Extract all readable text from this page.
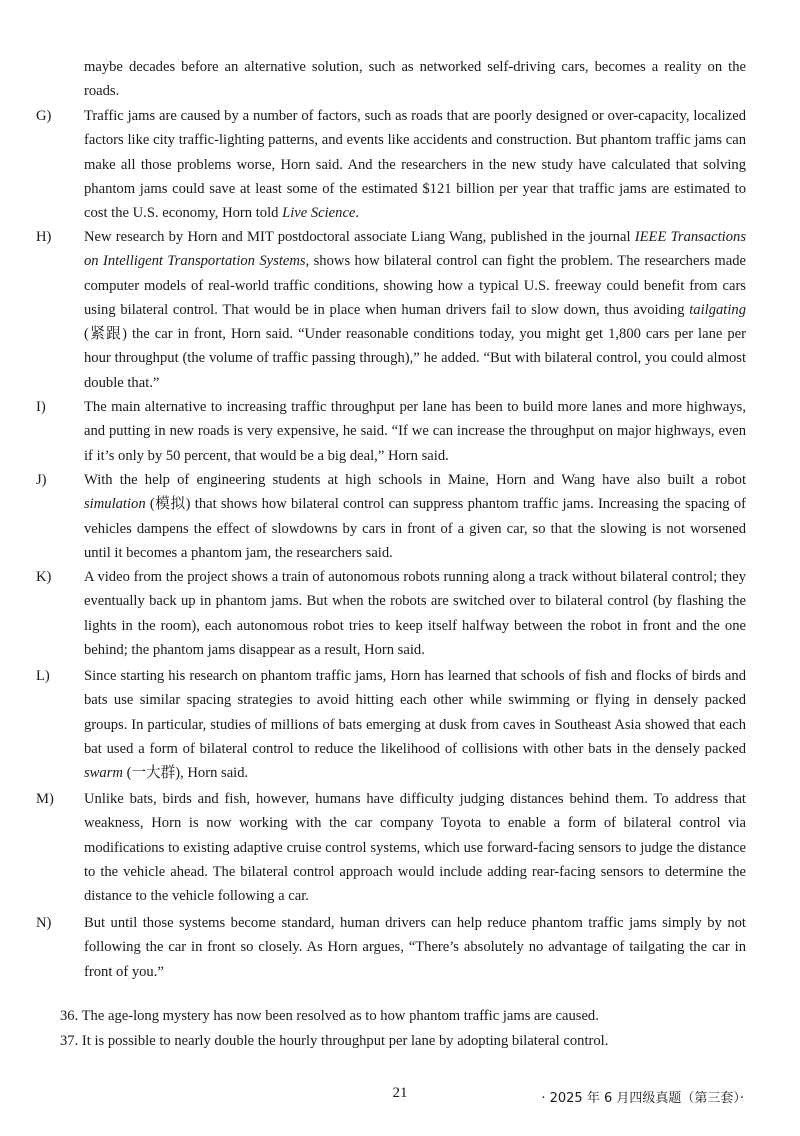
maybe decades before an alternative solution, such as networked self-driving cars, becomes a reality on the roads.
G) Traffic jams are caused by a number of factors, such as roads that are poorly designed or over-capacity, localized factors like city traffic-lighting patterns, and events like accidents and construction. But phantom traffic jams can make all those problems worse, Horn said. And the researchers in the new study have calculated that solving phantom jams could save at least some of the estimated $121 billion per year that traffic jams are estimated to cost the U.S. economy, Horn told Live Science.
H) New research by Horn and MIT postdoctoral associate Liang Wang, published in the journal IEEE Transactions on Intelligent Transportation Systems, shows how bilateral control can fight the problem. The researchers made computer models of real-world traffic conditions, showing how a typical U.S. freeway could benefit from cars using bilateral control. That would be in place when human drivers fail to slow down, thus avoiding tailgating (紧跟) the car in front, Horn said. “Under reasonable conditions today, you might get 1,800 cars per lane per hour throughput (the volume of traffic passing through),” he added. “But with bilateral control, you could almost double that.”
I)	The main alternative to increasing traffic throughput per lane has been to build more lanes and more highways, and putting in new roads is very expensive, he said. “If we can increase the throughput on major highways, even if it’s only by 50 percent, that would be a big deal,” Horn said.
J)	With the help of engineering students at high schools in Maine, Horn and Wang have also built a robot simulation (模拟) that shows how bilateral control can suppress phantom traffic jams. Increasing the spacing of vehicles dampens the effect of slowdowns by cars in front of a given car, so that the slowing is not worsened until it becomes a phantom jam, the researchers said.
K) A video from the project shows a train of autonomous robots running along a track without bilateral control; they eventually back up in phantom jams. But when the robots are switched over to bilateral control (by flashing the lights in the room), each autonomous robot tries to keep itself halfway between the robot in front and the one behind; the phantom jams disappear as a result, Horn said.
L) Since starting his research on phantom traffic jams, Horn has learned that schools of fish and flocks of birds and bats use similar spacing strategies to avoid hitting each other while swimming or flying in densely packed groups. In particular, studies of millions of bats emerging at dusk from caves in Southeast Asia showed that each bat used a form of bilateral control to reduce the likelihood of collisions with other bats in the densely packed swarm (一大群), Horn said.
M) Unlike bats, birds and fish, however, humans have difficulty judging distances behind them. To address that weakness, Horn is now working with the car company Toyota to enable a form of bilateral control via modifications to existing adaptive cruise control systems, which use forward-facing sensors to judge the distance to the vehicle ahead. The bilateral control approach would include adding rear-facing sensors to determine the distance to the vehicle following a car.
N) But until those systems become standard, human drivers can help reduce phantom traffic jams simply by not following the car in front so closely. As Horn argues, “There’s absolutely no advantage of tailgating the car in front of you.”
36. The age-long mystery has now been resolved as to how phantom traffic jams are caused.
37. It is possible to nearly double the hourly throughput per lane by adopting bilateral control.
21	· 2025 年 6 月四级真题（第三套）·
